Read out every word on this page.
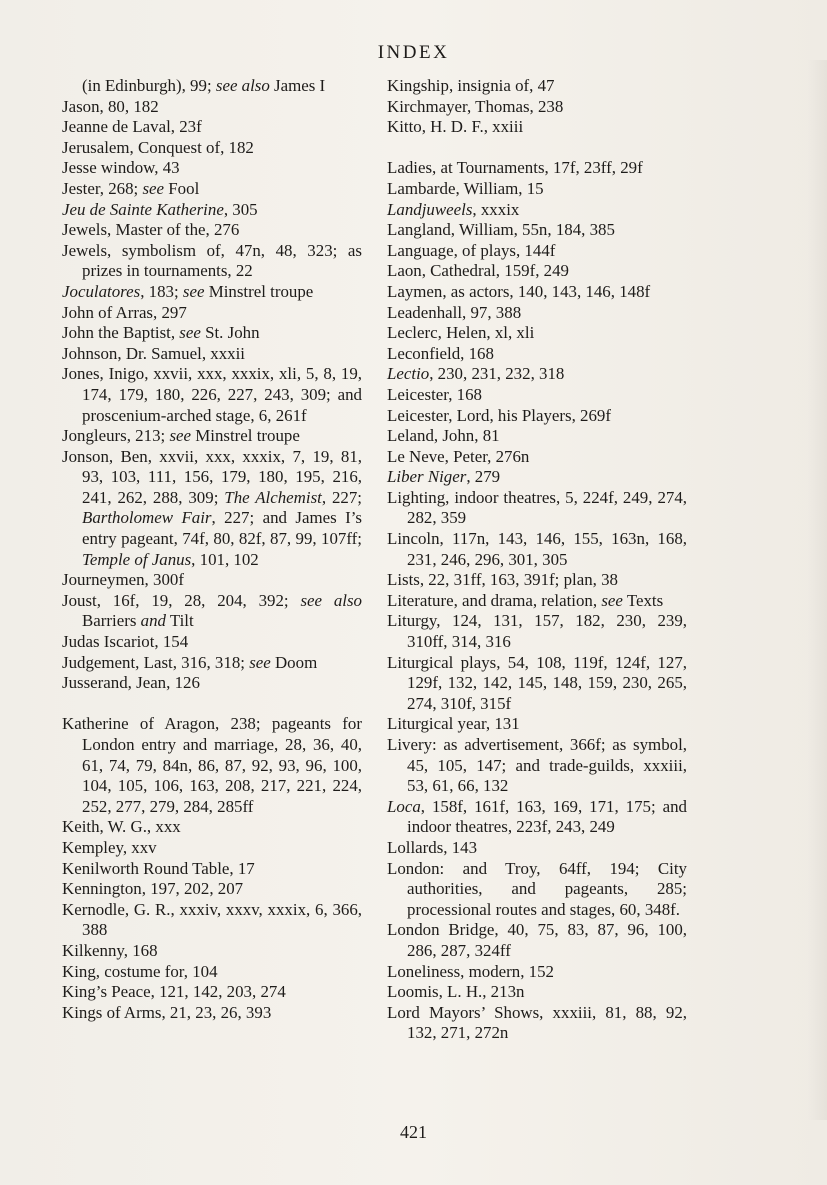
INDEX
(in Edinburgh), 99; see also James I
Jason, 80, 182
Jeanne de Laval, 23f
Jerusalem, Conquest of, 182
Jesse window, 43
Jester, 268; see Fool
Jeu de Sainte Katherine, 305
Jewels, Master of the, 276
Jewels, symbolism of, 47n, 48, 323; as prizes in tournaments, 22
Joculatores, 183; see Minstrel troupe
John of Arras, 297
John the Baptist, see St. John
Johnson, Dr. Samuel, xxxii
Jones, Inigo, xxvii, xxx, xxxix, xli, 5, 8, 19, 174, 179, 180, 226, 227, 243, 309; and proscenium-arched stage, 6, 261f
Jongleurs, 213; see Minstrel troupe
Jonson, Ben, xxvii, xxx, xxxix, 7, 19, 81, 93, 103, 111, 156, 179, 180, 195, 216, 241, 262, 288, 309; The Alchemist, 227; Bartholomew Fair, 227; and James I’s entry pageant, 74f, 80, 82f, 87, 99, 107ff; Temple of Janus, 101, 102
Journeymen, 300f
Joust, 16f, 19, 28, 204, 392; see also Barriers and Tilt
Judas Iscariot, 154
Judgement, Last, 316, 318; see Doom
Jusserand, Jean, 126
Katherine of Aragon, 238; pageants for London entry and marriage, 28, 36, 40, 61, 74, 79, 84n, 86, 87, 92, 93, 96, 100, 104, 105, 106, 163, 208, 217, 221, 224, 252, 277, 279, 284, 285ff
Keith, W. G., xxx
Kempley, xxv
Kenilworth Round Table, 17
Kennington, 197, 202, 207
Kernodle, G. R., xxxiv, xxxv, xxxix, 6, 366, 388
Kilkenny, 168
King, costume for, 104
King’s Peace, 121, 142, 203, 274
Kings of Arms, 21, 23, 26, 393
Kingship, insignia of, 47
Kirchmayer, Thomas, 238
Kitto, H. D. F., xxiii
Ladies, at Tournaments, 17f, 23ff, 29f
Lambarde, William, 15
Landjuweels, xxxix
Langland, William, 55n, 184, 385
Language, of plays, 144f
Laon, Cathedral, 159f, 249
Laymen, as actors, 140, 143, 146, 148f
Leadenhall, 97, 388
Leclerc, Helen, xl, xli
Leconfield, 168
Lectio, 230, 231, 232, 318
Leicester, 168
Leicester, Lord, his Players, 269f
Leland, John, 81
Le Neve, Peter, 276n
Liber Niger, 279
Lighting, indoor theatres, 5, 224f, 249, 274, 282, 359
Lincoln, 117n, 143, 146, 155, 163n, 168, 231, 246, 296, 301, 305
Lists, 22, 31ff, 163, 391f; plan, 38
Literature, and drama, relation, see Texts
Liturgy, 124, 131, 157, 182, 230, 239, 310ff, 314, 316
Liturgical plays, 54, 108, 119f, 124f, 127, 129f, 132, 142, 145, 148, 159, 230, 265, 274, 310f, 315f
Liturgical year, 131
Livery: as advertisement, 366f; as symbol, 45, 105, 147; and trade-guilds, xxxiii, 53, 61, 66, 132
Loca, 158f, 161f, 163, 169, 171, 175; and indoor theatres, 223f, 243, 249
Lollards, 143
London: and Troy, 64ff, 194; City authorities, and pageants, 285; processional routes and stages, 60, 348f.
London Bridge, 40, 75, 83, 87, 96, 100, 286, 287, 324ff
Loneliness, modern, 152
Loomis, L. H., 213n
Lord Mayors’ Shows, xxxiii, 81, 88, 92, 132, 271, 272n
421
